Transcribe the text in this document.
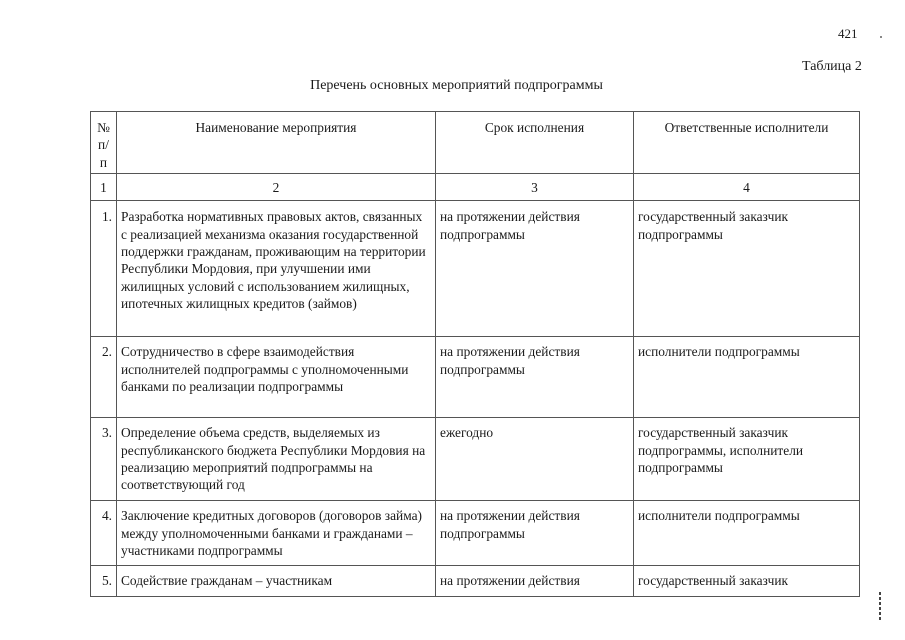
421
Таблица 2
Перечень основных мероприятий подпрограммы
№ п/п	Наименование мероприятия	Срок исполнения	Ответственные исполнители
1	2	3	4
1.	Разработка нормативных правовых актов, связанных с реализацией механизма оказания государственной поддержки гражданам, проживающим на территории Республики Мордовия, при улучшении ими жилищных условий с использованием жилищных, ипотечных жилищных кредитов (займов)	на протяжении действия подпрограммы	государственный заказчик подпрограммы
2.	Сотрудничество в сфере взаимодействия исполнителей подпрограммы с уполномоченными банками по реализации подпрограммы	на протяжении действия подпрограммы	исполнители подпрограммы
3.	Определение объема средств, выделяемых из республиканского бюджета Республики Мордовия на реализацию мероприятий подпрограммы на соответствующий год	ежегодно	государственный заказчик подпрограммы, исполнители подпрограммы
4.	Заключение кредитных договоров (договоров займа) между уполномоченными банками и гражданами – участниками подпрограммы	на протяжении действия подпрограммы	исполнители подпрограммы
5.	Содействие гражданам – участникам	на протяжении действия	государственный заказчик
